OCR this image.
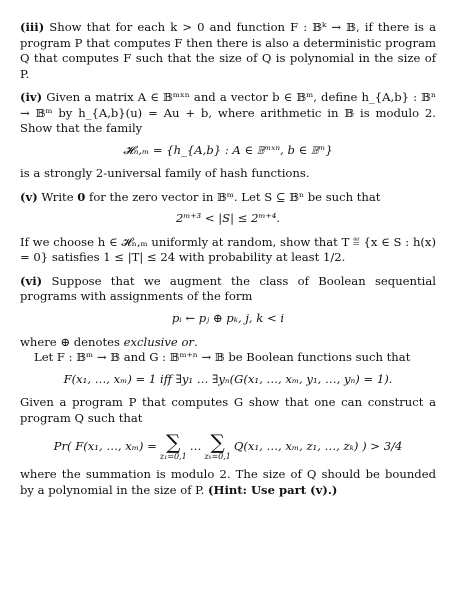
(iii) Show that for each k > 0 and function F : 𝔹ᵏ → 𝔹, if there is a program P that computes F then there is also a deterministic program Q that computes F such that the size of Q is polynomial in the size of P.

(iv) Given a matrix A ∈ 𝔹ᵐˣⁿ and a vector b ∈ 𝔹ᵐ, define h_{A,b} : 𝔹ⁿ → 𝔹ᵐ by h_{A,b}(u) = Au + b, where arithmetic in 𝔹 is modulo 2. Show that the family

𝓗ₙ,ₘ = {h_{A,b} : A ∈ 𝔹ᵐˣⁿ, b ∈ 𝔹ᵐ}

is a strongly 2-universal family of hash functions.

(v) Write 0 for the zero vector in 𝔹ᵐ. Let S ⊆ 𝔹ⁿ be such that

2ᵐ⁺³ < |S| ≤ 2ᵐ⁺⁴.

If we choose h ∈ 𝓗ₙ,ₘ uniformly at random, show that T ≝ {x ∈ S : h(x) = 0} satisfies 1 ≤ |T| ≤ 24 with probability at least 1/2.

(vi) Suppose that we augment the class of Boolean sequential programs with assignments of the form

pᵢ ← pⱼ ⊕ pₖ, j, k < i

where ⊕ denotes exclusive or.

Let F : 𝔹ᵐ → 𝔹 and G : 𝔹ᵐ⁺ⁿ → 𝔹 be Boolean functions such that

F(x₁, …, xₘ) = 1 iff ∃y₁ … ∃yₙ(G(x₁, …, xₘ, y₁, …, yₙ) = 1).

Given a program P that computes G show that one can construct a program Q such that

Pr( F(x₁, …, xₘ) = ∑
z₁=0,1
… ∑
zₖ=0,1
Q(x₁, …, xₘ, z₁, …, zₖ) ) > 3/4

where the summation is modulo 2. The size of Q should be bounded by a polynomial in the size of P. (Hint: Use part (v).)
